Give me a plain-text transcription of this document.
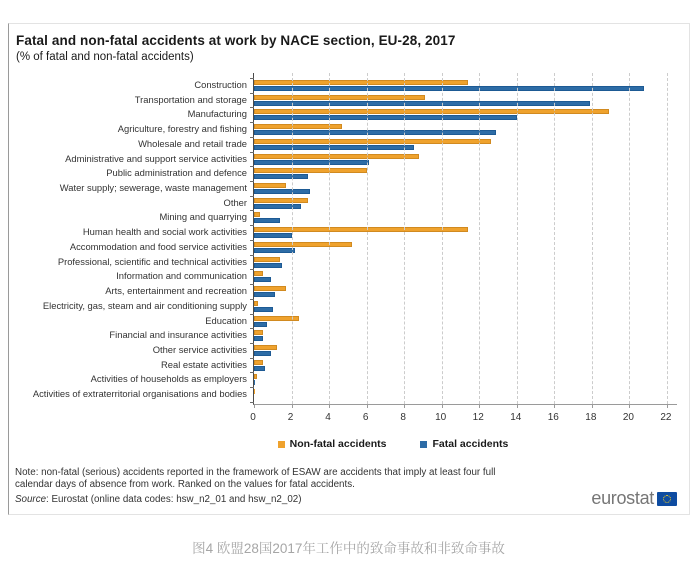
Fatal and non-fatal accidents at work by NACE section, EU-28, 2017
(% of fatal and non-fatal accidents)
Construction
Transportation and storage
Manufacturing
Agriculture, forestry and fishing
Wholesale and retail trade
Administrative and support service activities
Public administration and defence
Water supply; sewerage, waste management
Other
Mining and quarrying
Human health and social work activities
Accommodation and food service activities
Professional, scientific and technical activities
Information and communication
Arts, entertainment and recreation
Electricity, gas, steam and air conditioning supply
Education
Financial and insurance activities
Other service activities
Real estate activities
Activities of households as employers
Activities of extraterritorial organisations and bodies
0	2	4	6	8	10	12	14	16	18	20	22
Non-fatal accidents	Fatal accidents
Note: non-fatal (serious) accidents reported in the framework of ESAW are accidents that imply at least four full calendar days of absence from work. Ranked on the values for fatal accidents.
Source: Eurostat (online data codes: hsw_n2_01 and hsw_n2_02)	eurostat
图4 欧盟28国2017年工作中的致命事故和非致命事故
